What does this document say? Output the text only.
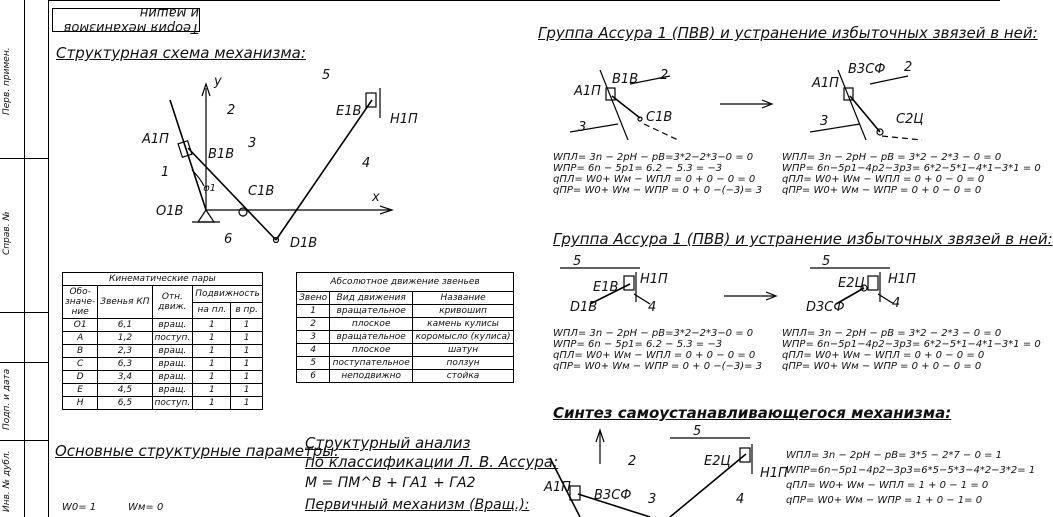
Перв. примен.
Справ. №
Подп. и дата
Инв. № дубл.
Теория механизмов и машин
Структурная схема механизма:
Группа Ассура 1 (ПВВ) и устранение избыточных звязей в ней:
Группа Ассура 1 (ПВВ) и устранение избыточных звязей в ней:
Синтез самоустанавливающегося механизма:
Основные структурные параметры:
Структурный анализ
по классификации Л. В. Ассура:
M = ПМ^B + ГА1 + ГА2
Первичный механизм (Вращ.):
W0= 1	Wм= 0
y
x
2
3
4
5
1
6
A1П
B1В
C1В
D1В
E1В
H1П
O1В
φ1
Кинематические пары				
Обо-значе-ние	Звенья КП	Отн. движ.	Подвижность	
			на пл.	в пр.
O1	6,1	вращ.	1	1
A	1,2	поступ.	1	1
B	2,3	вращ.	1	1
C	6,3	вращ.	1	1
D	3,4	вращ.	1	1
E	4,5	вращ.	1	1
H	6,5	поступ.	1	1
Абсолютное движение звеньев		
Звено	Вид движения	Название
1	вращательное	кривошип
2	плоское	камень кулисы
3	вращательное	коромысло (кулиса)
4	плоское	шатун
5	поступательное	ползун
6	неподвижно	стойка
A1П
B1В
C1В
2
3
A1П
B3СФ
C2Ц
2
3
WПЛ= 3n − 2pН − pВ=3*2−2*3−0 = 0
WПР= 6n − 5p1= 6.2 − 5.3 = −3
qПЛ= W0+ Wм − WПЛ = 0 + 0 − 0 = 0
qПР= W0+ Wм − WПР = 0 + 0 −(−3)= 3
WПЛ= 3n − 2pН − pВ = 3*2 − 2*3 − 0 = 0
WПР= 6n−5p1−4p2−3p3= 6*2−5*1−4*1−3*1 = 0
qПЛ= W0+ Wм − WПЛ = 0 + 0 − 0 = 0
qПР= W0+ Wм − WПР = 0 + 0 − 0 = 0
5
4
E1В
H1П
D1В
5
4
E2Ц H1П
D3СФ
WПЛ= 3n − 2pН − pВ=3*2−2*3−0 = 0
WПР= 6n − 5p1= 6.2 − 5.3 = −3
qПЛ= W0+ Wм − WПЛ = 0 + 0 − 0 = 0
qПР= W0+ Wм − WПР = 0 + 0 −(−3)= 3
WПЛ= 3n − 2pН − pВ = 3*2 − 2*3 − 0 = 0
WПР= 6n−5p1−4p2−3p3= 6*2−5*1−4*1−3*1 = 0
qПЛ= W0+ Wм − WПЛ = 0 + 0 − 0 = 0
qПР= W0+ Wм − WПР = 0 + 0 − 0 = 0
5
2
3	4
E2Ц
H1П
A1П
B3СФ
WПЛ= 3n − 2pН − pВ= 3*5 − 2*7 − 0 = 1
WПР=6n−5p1−4p2−3p3=6*5−5*3−4*2−3*2= 1
qПЛ= W0+ Wм − WПЛ = 1 + 0 − 1 = 0
qПР= W0+ Wм − WПР = 1 + 0 − 1= 0
